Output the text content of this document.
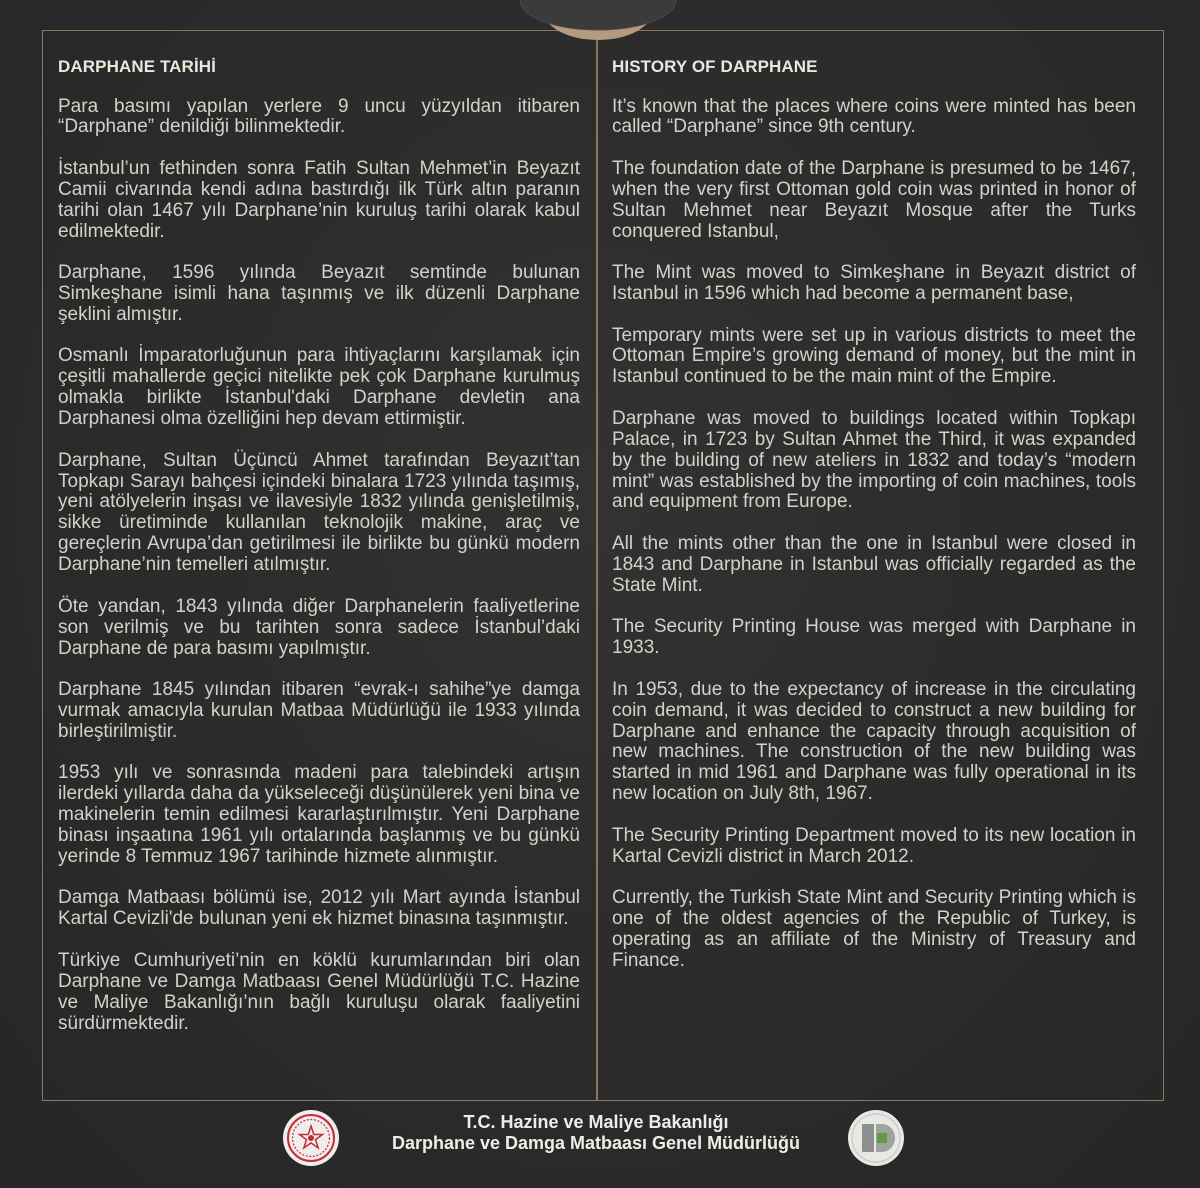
DARPHANE TARİHİ

Para basımı yapılan yerlere 9 uncu yüzyıldan itibaren “Darphane” denildiği bilinmektedir.

İstanbul’un fethinden sonra Fatih Sultan Mehmet’in Beyazıt Camii civarında kendi adına bastırdığı ilk Türk altın paranın tarihi olan 1467 yılı Darphane’nin kuruluş tarihi olarak kabul edilmektedir.

Darphane, 1596 yılında Beyazıt semtinde bulunan Simkeşhane isimli hana taşınmış ve ilk düzenli Darphane şeklini almıştır.

Osmanlı İmparatorluğunun para ihtiyaçlarını karşılamak için çeşitli mahallerde geçici nitelikte pek çok Darphane kurulmuş olmakla birlikte İstanbul'daki Darphane devletin ana Darphanesi olma özelliğini hep devam ettirmiştir.

Darphane, Sultan Üçüncü Ahmet tarafından Beyazıt’tan Topkapı Sarayı bahçesi içindeki binalara 1723 yılında taşımış, yeni atölyelerin inşası ve ilavesiyle 1832 yılında genişletilmiş, sikke üretiminde kullanılan teknolojik makine, araç ve gereçlerin Avrupa’dan getirilmesi ile birlikte bu günkü modern Darphane’nin temelleri atılmıştır.

Öte yandan, 1843 yılında diğer Darphanelerin faaliyetlerine son verilmiş ve bu tarihten sonra sadece İstanbul’daki Darphane de para basımı yapılmıştır.

Darphane 1845 yılından itibaren “evrak-ı sahihe”ye damga vurmak amacıyla kurulan Matbaa Müdürlüğü ile 1933 yılında birleştirilmiştir.

1953 yılı ve sonrasında madeni para talebindeki artışın ilerdeki yıllarda daha da yükseleceği düşünülerek yeni bina ve makinelerin temin edilmesi kararlaştırılmıştır. Yeni Darphane binası inşaatına 1961 yılı ortalarında başlanmış ve bu günkü yerinde 8 Temmuz 1967 tarihinde hizmete alınmıştır.

Damga Matbaası bölümü ise, 2012 yılı Mart ayında İstanbul Kartal Cevizli'de bulunan yeni ek hizmet binasına taşınmıştır.

Türkiye Cumhuriyeti’nin en köklü kurumlarından biri olan Darphane ve Damga Matbaası Genel Müdürlüğü T.C. Hazine ve Maliye Bakanlığı’nın bağlı kuruluşu olarak faaliyetini sürdürmektedir.

HISTORY OF DARPHANE

It’s known that the places where coins were minted has been called “Darphane” since 9th century.

The foundation date of the Darphane is presumed to be 1467, when the very first Ottoman gold coin was printed in honor of Sultan Mehmet near Beyazıt Mosque after the Turks conquered Istanbul,

The Mint was moved to Simkeşhane in Beyazıt district of Istanbul in 1596 which had become a permanent base,

Temporary mints were set up in various districts to meet the Ottoman Empire’s growing demand of money, but the mint in Istanbul continued to be the main mint of the Empire.

Darphane was moved to buildings located within Topkapı Palace, in 1723 by Sultan Ahmet the Third, it was expanded by the building of new ateliers in 1832 and today’s “modern mint” was established by the importing of coin machines, tools and equipment from Europe.

All the mints other than the one in Istanbul were closed in 1843 and Darphane in Istanbul was officially regarded as the State Mint.

The Security Printing House was merged with Darphane in 1933.

In 1953, due to the expectancy of increase in the circulating coin demand, it was decided to construct a new building for Darphane and enhance the capacity through acquisition of new machines. The construction of the new building was started in mid 1961 and Darphane was fully operational in its new location on July 8th, 1967.

The Security Printing Department moved to its new location in Kartal Cevizli district in March 2012.

Currently, the Turkish State Mint and Security Printing which is one of the oldest agencies of the Republic of Turkey, is operating as an affiliate of the Ministry of Treasury and Finance.

T.C. Hazine ve Maliye Bakanlığı
Darphane ve Damga Matbaası Genel Müdürlüğü
